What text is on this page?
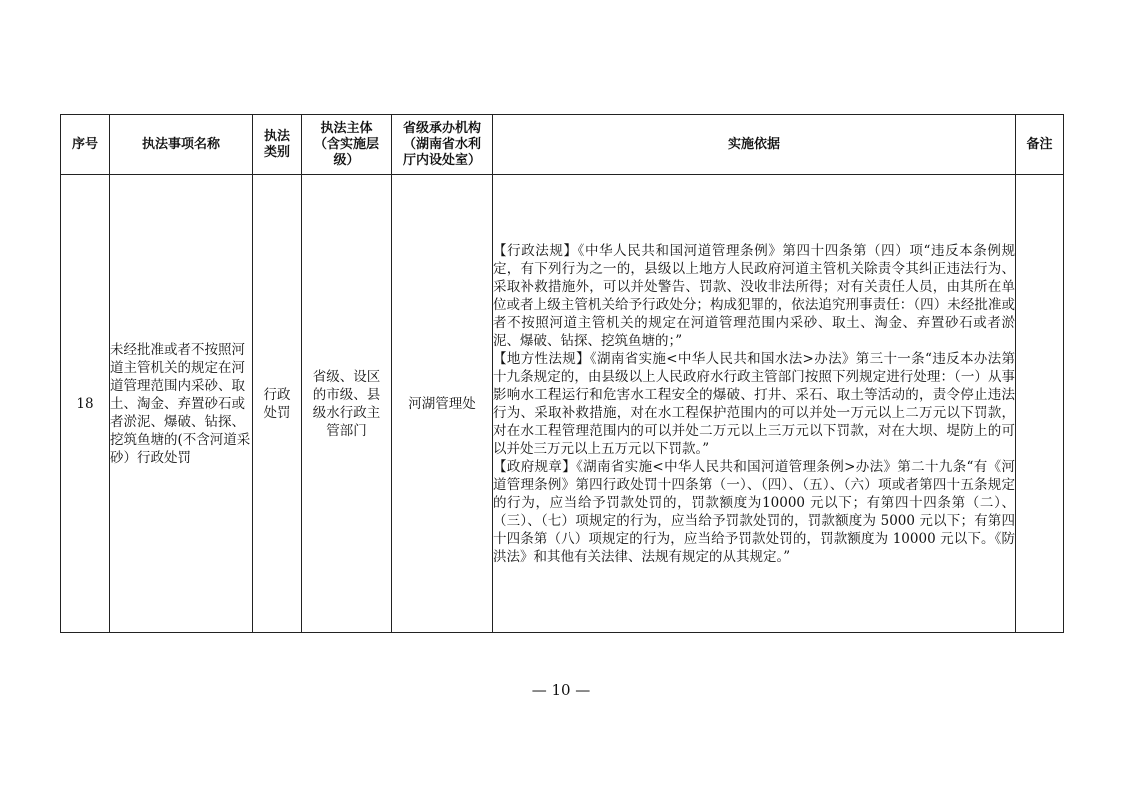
序号	执法事项名称	执法类别	执法主体（含实施层级）	省级承办机构（湖南省水利厅内设处室）	实施依据	备注
18	未经批准或者不按照河道主管机关的规定在河道管理范围内采砂、取土、淘金、弃置砂石或者淤泥、爆破、钻探、挖筑鱼塘的(不含河道采砂）行政处罚	行政处罚	省级、设区的市级、县级水行政主管部门	河湖管理处	【行政法规】《中华人民共和国河道管理条例》第四十四条第（四）项“违反本条例规定，有下列行为之一的，县级以上地方人民政府河道主管机关除责令其纠正违法行为、采取补救措施外，可以并处警告、罚款、没收非法所得；对有关责任人员，由其所在单位或者上级主管机关给予行政处分；构成犯罪的，依法追究刑事责任：（四）未经批准或者不按照河道主管机关的规定在河道管理范围内采砂、取土、淘金、弃置砂石或者淤泥、爆破、钻探、挖筑鱼塘的；”
【地方性法规】《湖南省实施<中华人民共和国水法>办法》第三十一条“违反本办法第十九条规定的，由县级以上人民政府水行政主管部门按照下列规定进行处理：（一）从事影响水工程运行和危害水工程安全的爆破、打井、采石、取土等活动的，责令停止违法行为、采取补救措施，对在水工程保护范围内的可以并处一万元以上二万元以下罚款，对在水工程管理范围内的可以并处二万元以上三万元以下罚款，对在大坝、堤防上的可以并处三万元以上五万元以下罚款。”
【政府规章】《湖南省实施<中华人民共和国河道管理条例>办法》第二十九条“有《河道管理条例》第四行政处罚十四条第（一）、（四）、（五）、（六）项或者第四十五条规定的行为，应当给予罚款处罚的，罚款额度为10000 元以下；有第四十四条第（二）、（三）、（七）项规定的行为，应当给予罚款处罚的，罚款额度为 5000 元以下；有第四十四条第（八）项规定的行为，应当给予罚款处罚的，罚款额度为 10000 元以下。《防洪法》和其他有关法律、法规有规定的从其规定。”	

— 10 —
